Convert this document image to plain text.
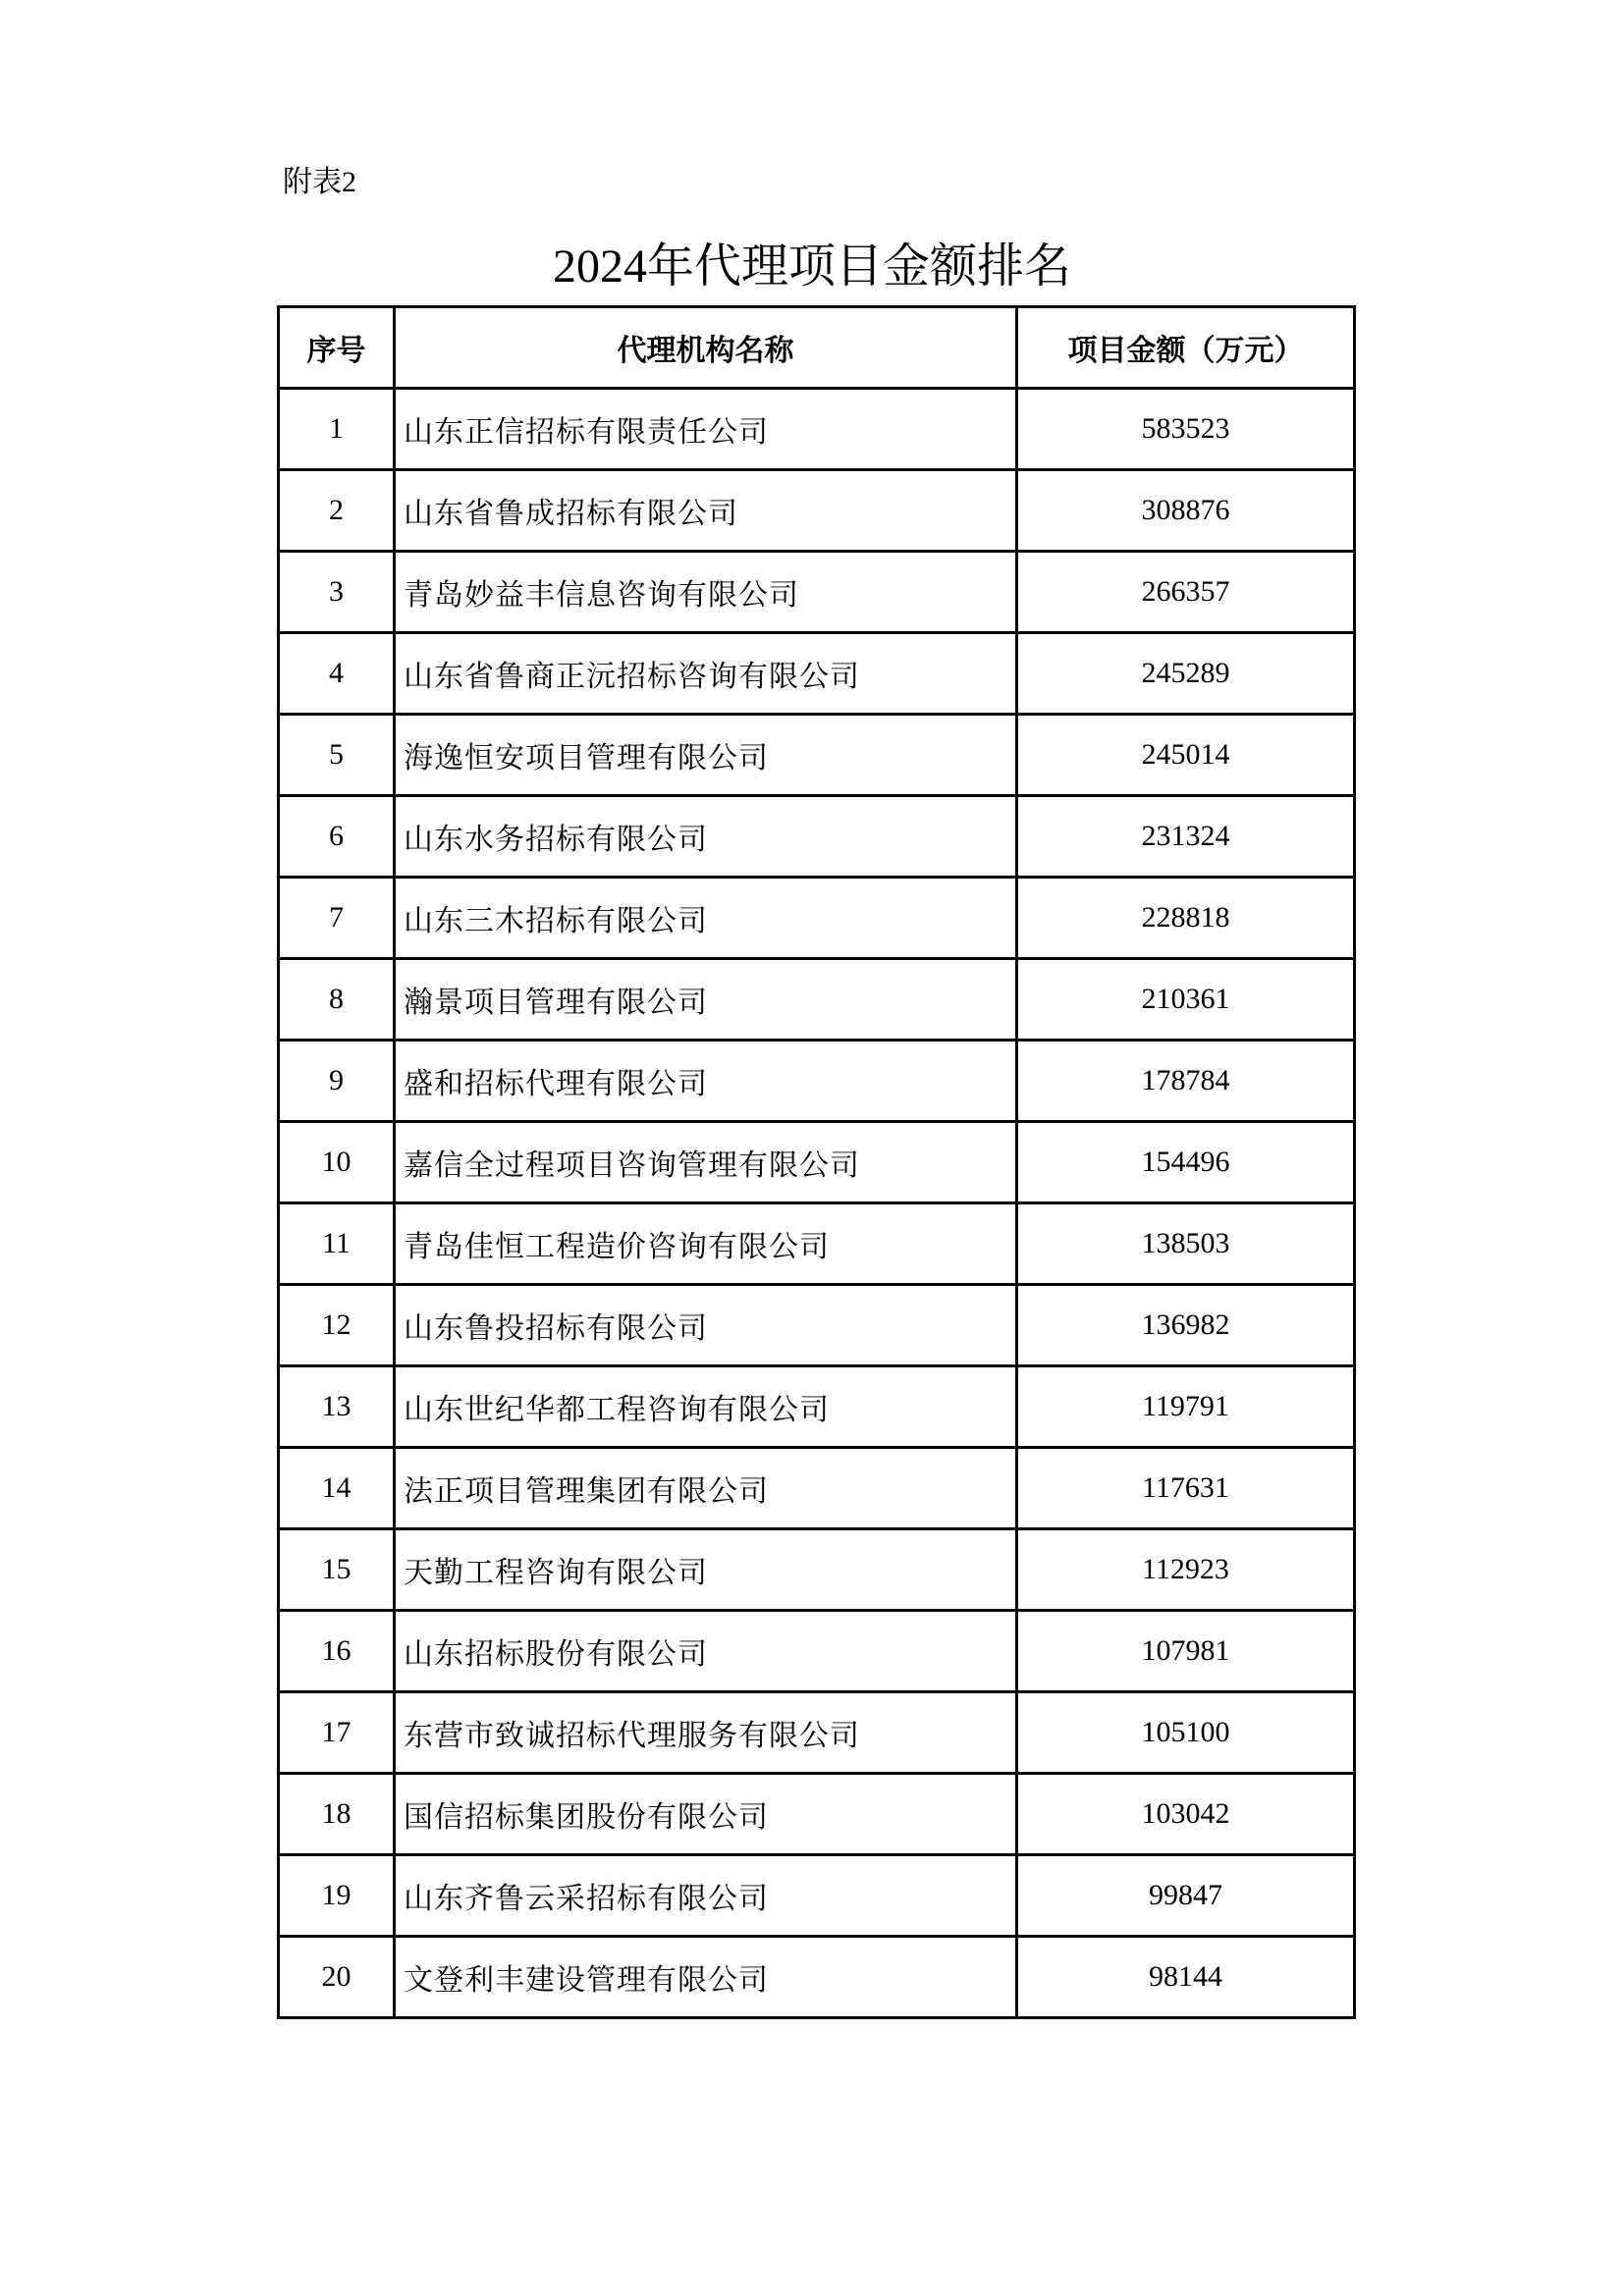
附表2
2024年代理项目金额排名
序号	代理机构名称	项目金额（万元）
1	山东正信招标有限责任公司	583523
2	山东省鲁成招标有限公司	308876
3	青岛妙益丰信息咨询有限公司	266357
4	山东省鲁商正沅招标咨询有限公司	245289
5	海逸恒安项目管理有限公司	245014
6	山东水务招标有限公司	231324
7	山东三木招标有限公司	228818
8	瀚景项目管理有限公司	210361
9	盛和招标代理有限公司	178784
10	嘉信全过程项目咨询管理有限公司	154496
11	青岛佳恒工程造价咨询有限公司	138503
12	山东鲁投招标有限公司	136982
13	山东世纪华都工程咨询有限公司	119791
14	法正项目管理集团有限公司	117631
15	天勤工程咨询有限公司	112923
16	山东招标股份有限公司	107981
17	东营市致诚招标代理服务有限公司	105100
18	国信招标集团股份有限公司	103042
19	山东齐鲁云采招标有限公司	99847
20	文登利丰建设管理有限公司	98144
